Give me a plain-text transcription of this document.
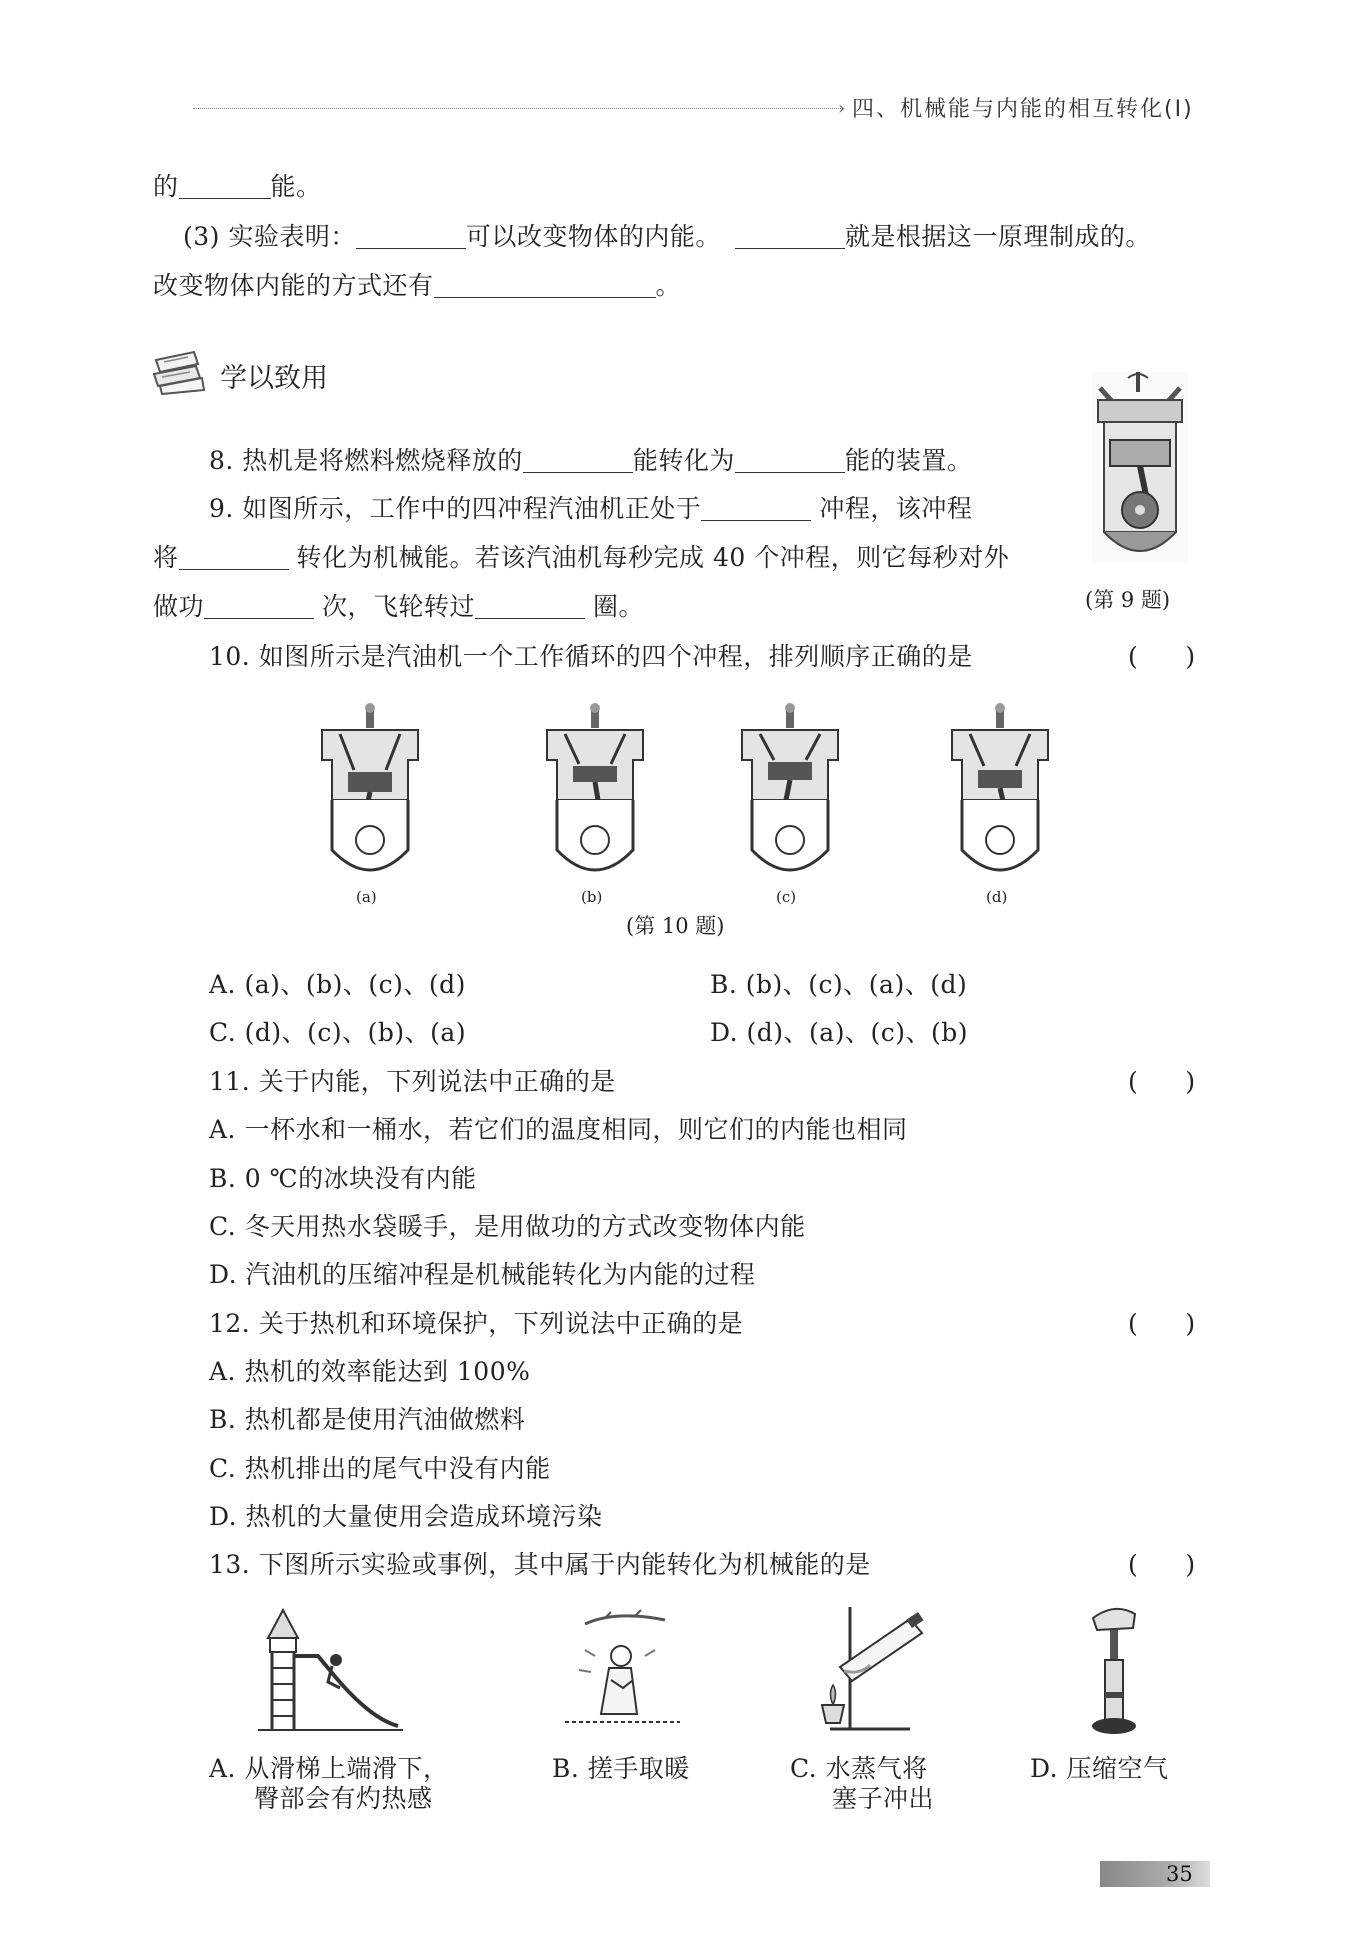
› 四、机械能与内能的相互转化(Ⅰ)
的	能。
(3) 实验表明：	可以改变物体的内能。	就是根据这一原理制成的。
改变物体内能的方式还有	。
学以致用
8. 热机是将燃料燃烧释放的	能转化为	能的装置。
9. 如图所示，工作中的四冲程汽油机正处于	冲程，该冲程
将	转化为机械能。若该汽油机每秒完成 40 个冲程，则它每秒对外
做功	次，飞轮转过	圈。	(第 9 题)
10. 如图所示是汽油机一个工作循环的四个冲程，排列顺序正确的是	(      )
(a)	(b)	(c)	(d)
(第 10 题)
A. (a)、(b)、(c)、(d)	B. (b)、(c)、(a)、(d)
C. (d)、(c)、(b)、(a)	D. (d)、(a)、(c)、(b)
11. 关于内能，下列说法中正确的是	(      )
A. 一杯水和一桶水，若它们的温度相同，则它们的内能也相同
B. 0 ℃的冰块没有内能
C. 冬天用热水袋暖手，是用做功的方式改变物体内能
D. 汽油机的压缩冲程是机械能转化为内能的过程
12. 关于热机和环境保护，下列说法中正确的是	(      )
A. 热机的效率能达到 100%
B. 热机都是使用汽油做燃料
C. 热机排出的尾气中没有内能
D. 热机的大量使用会造成环境污染
13. 下图所示实验或事例，其中属于内能转化为机械能的是	(      )
A. 从滑梯上端滑下，
臀部会有灼热感
B. 搓手取暖	C. 水蒸气将
塞子冲出
D. 压缩空气
35
